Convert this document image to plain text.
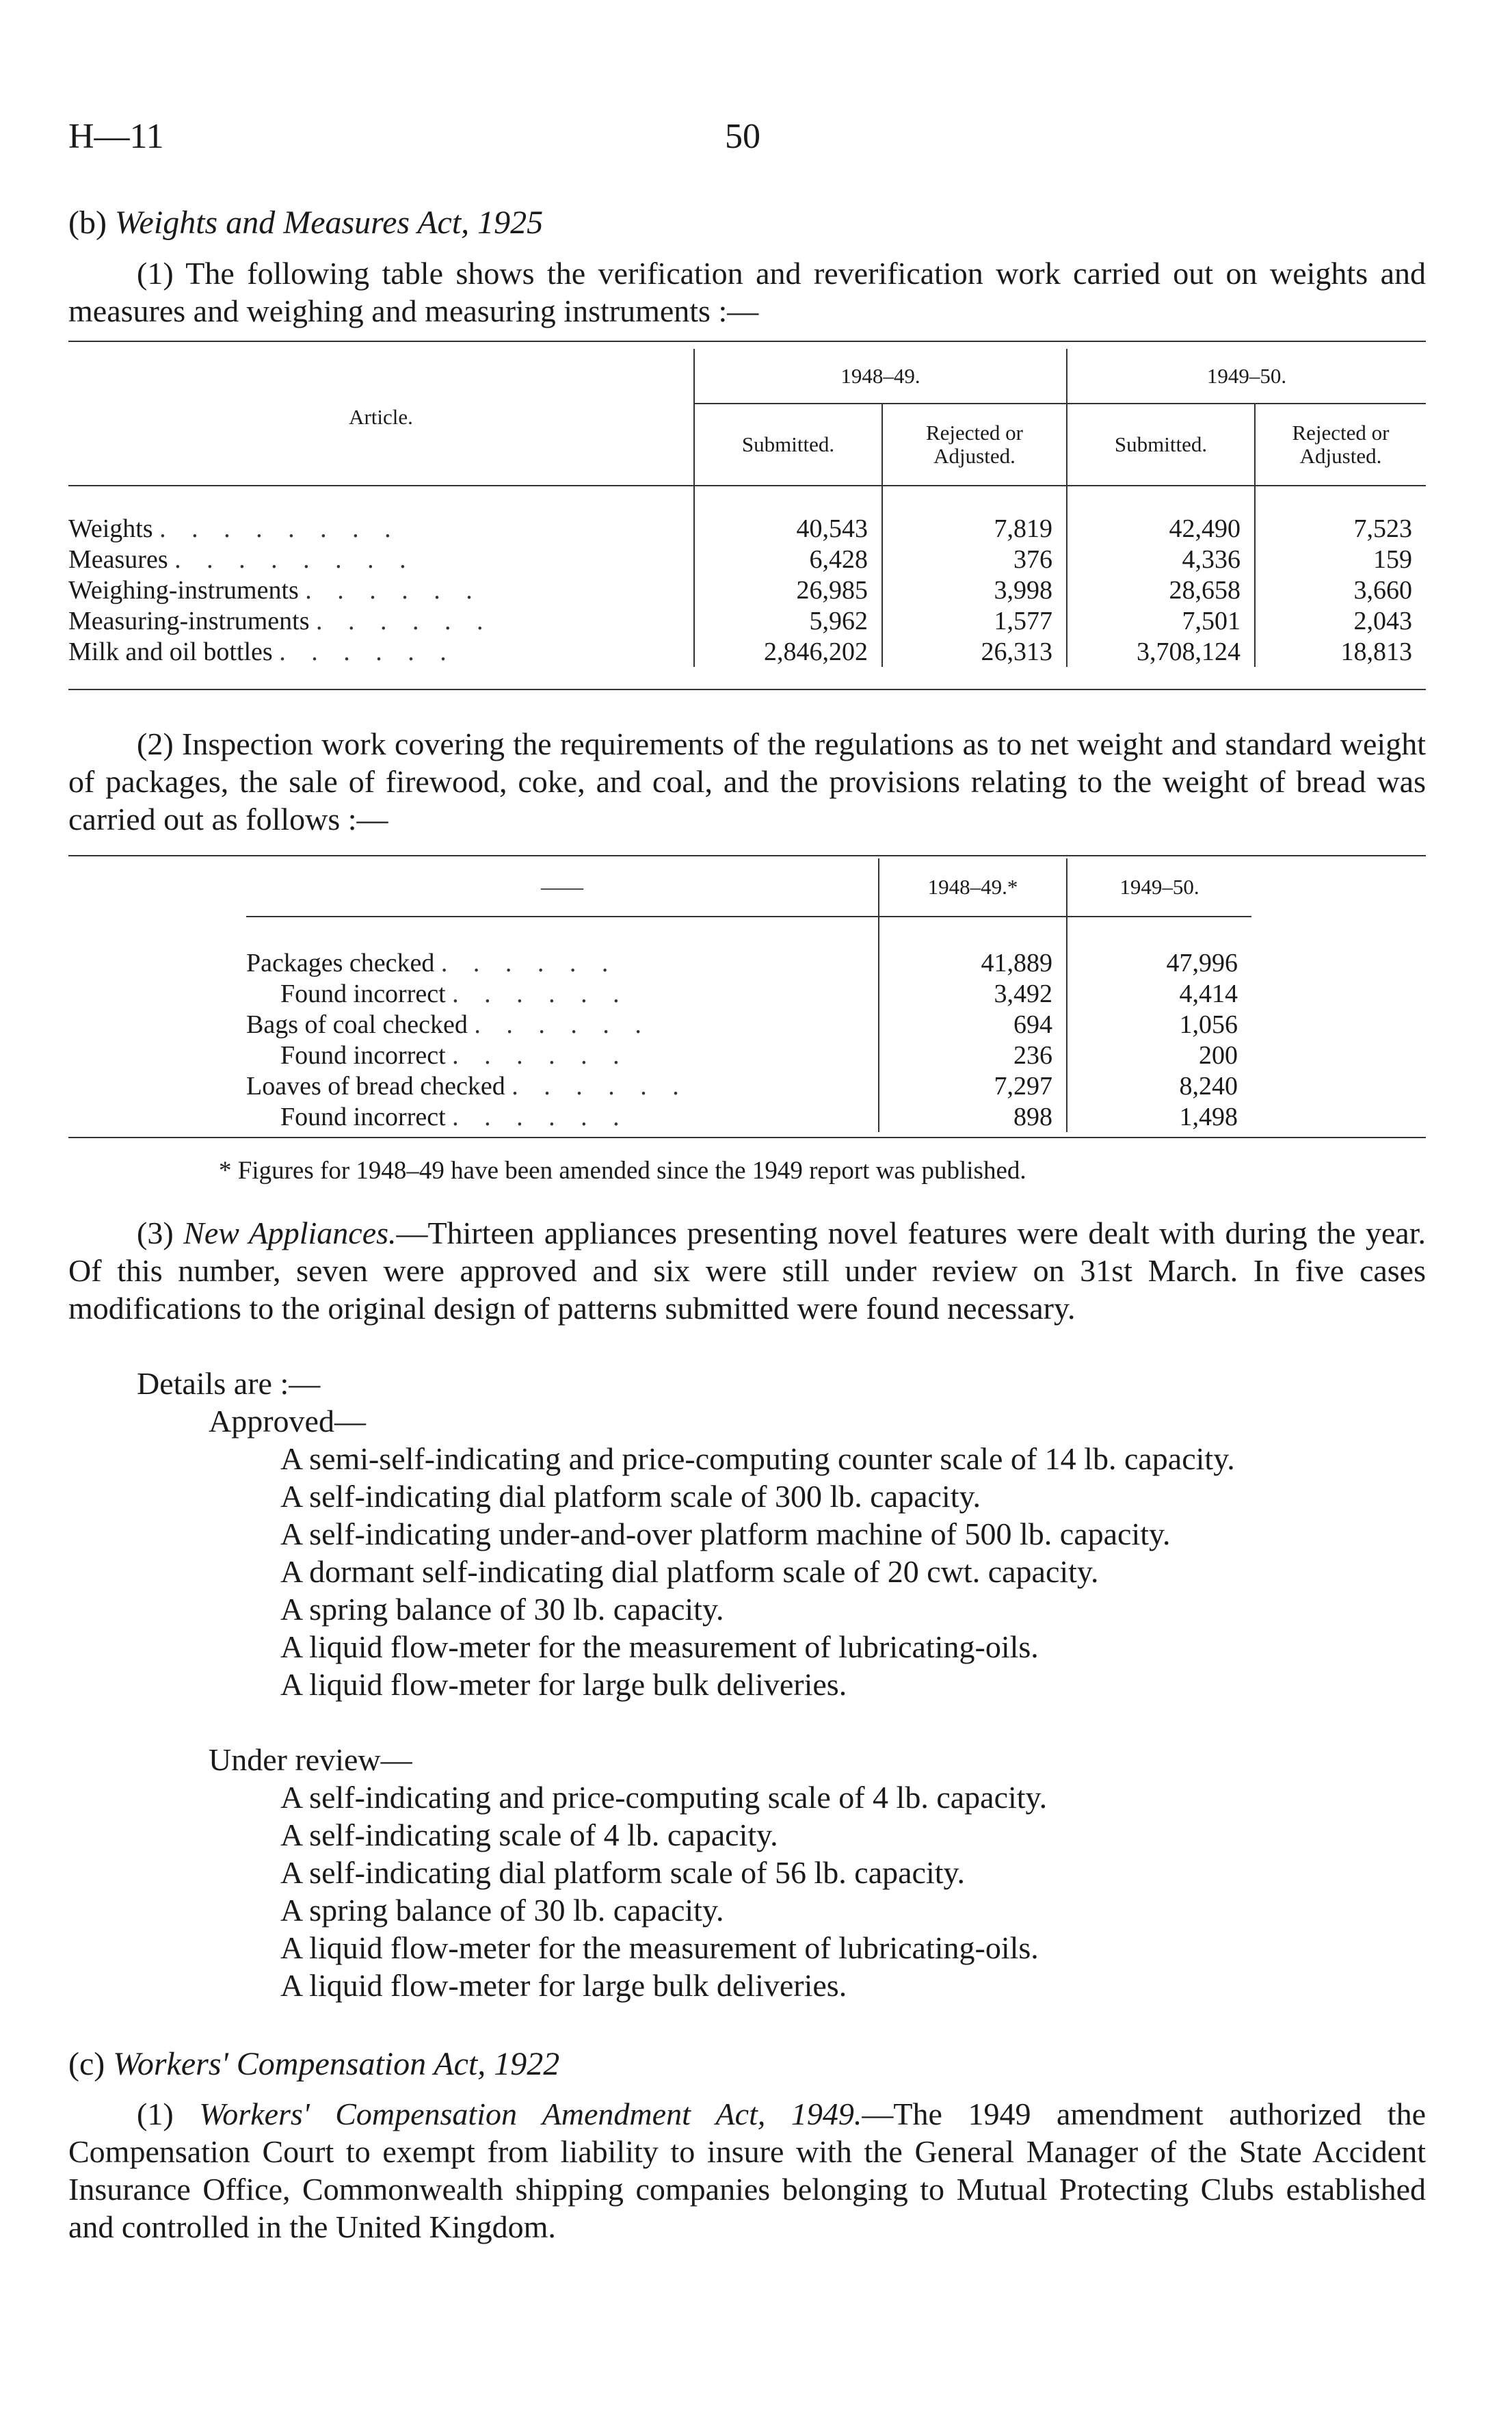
H—11	50
(b) Weights and Measures Act, 1925
(1) The following table shows the verification and reverification work carried out on weights and measures and weighing and measuring instruments :—
Article.	1948–49.		1949–50.	
	Submitted.	Rejected or Adjusted.	Submitted.	Rejected or Adjusted.

Weights . . . . . . . .	40,543	7,819	42,490	7,523
Measures . . . . . . . .	6,428	376	4,336	159
Weighing-instruments . . . . . .	26,985	3,998	28,658	3,660
Measuring-instruments . . . . . .	5,962	1,577	7,501	2,043
Milk and oil bottles . . . . . .	2,846,202	26,313	3,708,124	18,813
(2) Inspection work covering the requirements of the regulations as to net weight and standard weight of packages, the sale of firewood, coke, and coal, and the provisions relating to the weight of bread was carried out as follows :—
——	1948–49.*	1949–50.

Packages checked . . . . . .	41,889	47,996
Found incorrect . . . . . .	3,492	4,414
Bags of coal checked . . . . . .	694	1,056
Found incorrect . . . . . .	236	200
Loaves of bread checked . . . . . .	7,297	8,240
Found incorrect . . . . . .	898	1,498
* Figures for 1948–49 have been amended since the 1949 report was published.
(3) New Appliances.—Thirteen appliances presenting novel features were dealt with during the year. Of this number, seven were approved and six were still under review on 31st March. In five cases modifications to the original design of patterns submitted were found necessary.
Details are :—
Approved—
A semi-self-indicating and price-computing counter scale of 14 lb. capacity.
A self-indicating dial platform scale of 300 lb. capacity.
A self-indicating under-and-over platform machine of 500 lb. capacity.
A dormant self-indicating dial platform scale of 20 cwt. capacity.
A spring balance of 30 lb. capacity.
A liquid flow-meter for the measurement of lubricating-oils.
A liquid flow-meter for large bulk deliveries.
Under review—
A self-indicating and price-computing scale of 4 lb. capacity.
A self-indicating scale of 4 lb. capacity.
A self-indicating dial platform scale of 56 lb. capacity.
A spring balance of 30 lb. capacity.
A liquid flow-meter for the measurement of lubricating-oils.
A liquid flow-meter for large bulk deliveries.
(c) Workers' Compensation Act, 1922
(1) Workers' Compensation Amendment Act, 1949.—The 1949 amendment authorized the Compensation Court to exempt from liability to insure with the General Manager of the State Accident Insurance Office, Commonwealth shipping companies belonging to Mutual Protecting Clubs established and controlled in the United Kingdom.
